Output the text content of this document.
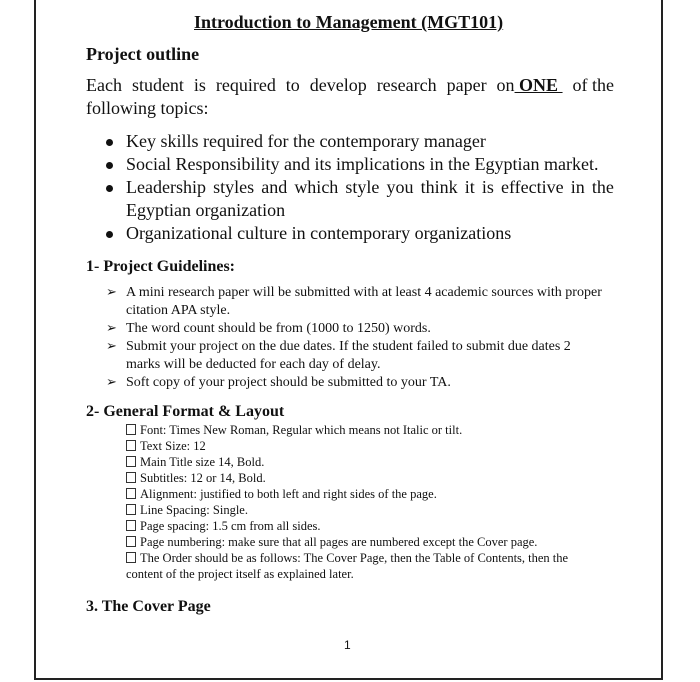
Introduction to Management (MGT101)
Project outline
Each student is required to develop research paper on ONE of the
following topics:
Key skills required for the contemporary manager
Social Responsibility and its implications in the Egyptian market.
Leadership styles and which style you think it is effective in the
Egyptian organization
Organizational culture in contemporary organizations
1- Project Guidelines:
➢ A mini research paper will be submitted with at least 4 academic sources with proper
citation APA style.
➢ The word count should be from (1000 to 1250) words.
➢ Submit your project on the due dates. If the student failed to submit due dates 2
marks will be deducted for each day of delay.
➢ Soft copy of your project should be submitted to your TA.
2- General Format & Layout
Font: Times New Roman, Regular which means not Italic or tilt.
Text Size: 12
Main Title size 14, Bold.
Subtitles: 12 or 14, Bold.
Alignment: justified to both left and right sides of the page.
Line Spacing: Single.
Page spacing: 1.5 cm from all sides.
Page numbering: make sure that all pages are numbered except the Cover page.
The Order should be as follows: The Cover Page, then the Table of Contents, then the
content of the project itself as explained later.
3. The Cover Page
1
